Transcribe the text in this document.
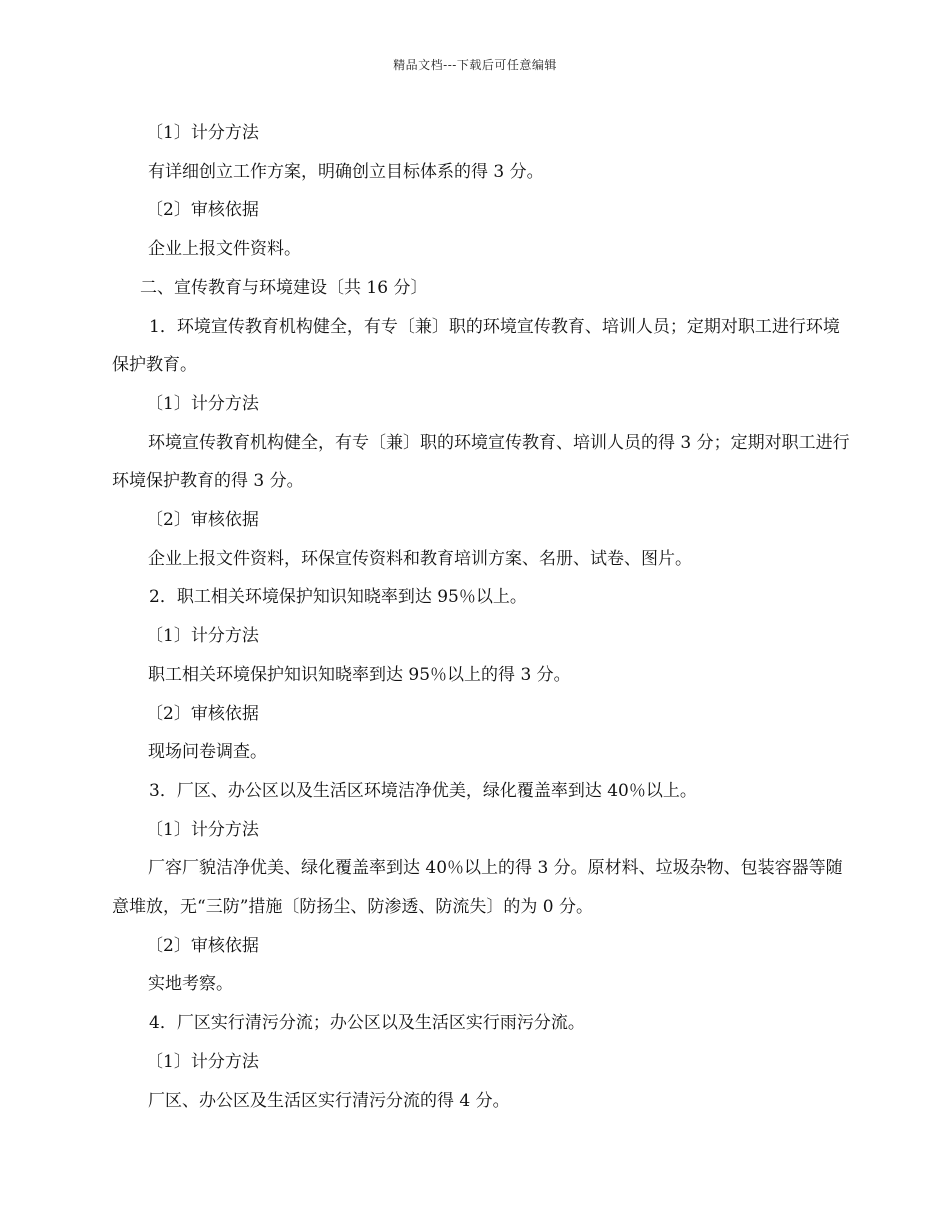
精品文档---下载后可任意编辑

〔1〕计分方法

有详细创立工作方案，明确创立目标体系的得 3 分。

〔2〕审核依据

企业上报文件资料。

二、宣传教育与环境建设〔共 16 分〕

1．环境宣传教育机构健全，有专〔兼〕职的环境宣传教育、培训人员；定期对职工进行环境保护教育。

〔1〕计分方法

环境宣传教育机构健全，有专〔兼〕职的环境宣传教育、培训人员的得 3 分；定期对职工进行环境保护教育的得 3 分。

〔2〕审核依据

企业上报文件资料，环保宣传资料和教育培训方案、名册、试卷、图片。

2．职工相关环境保护知识知晓率到达 95％以上。

〔1〕计分方法

职工相关环境保护知识知晓率到达 95％以上的得 3 分。

〔2〕审核依据

现场问卷调查。

3．厂区、办公区以及生活区环境洁净优美，绿化覆盖率到达 40％以上。

〔1〕计分方法

厂容厂貌洁净优美、绿化覆盖率到达 40％以上的得 3 分。原材料、垃圾杂物、包装容器等随意堆放，无“三防”措施〔防扬尘、防渗透、防流失〕的为 0 分。

〔2〕审核依据

实地考察。

4．厂区实行清污分流；办公区以及生活区实行雨污分流。

〔1〕计分方法

厂区、办公区及生活区实行清污分流的得 4 分。
